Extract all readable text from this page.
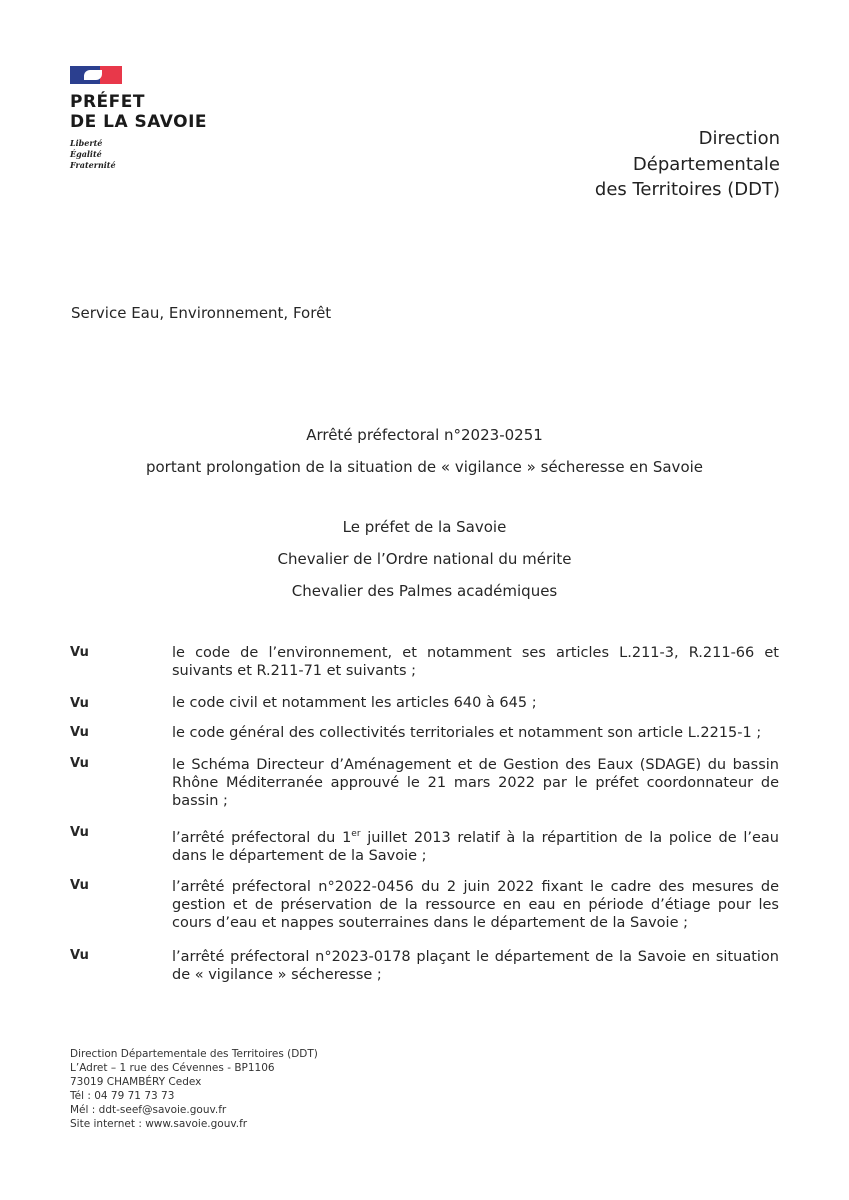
PRÉFET
DE LA SAVOIE
Liberté
Égalité
Fraternité
Direction
Départementale
des Territoires (DDT)
Service Eau, Environnement, Forêt
Arrêté préfectoral n°2023-0251
portant prolongation de la situation de « vigilance » sécheresse en Savoie
Le préfet de la Savoie
Chevalier de l’Ordre national du mérite
Chevalier des Palmes académiques
Vu	le code de l’environnement, et notamment ses articles L.211-3, R.211-66 et suivants et R.211-71 et suivants ;
Vu	le code civil et notamment les articles 640 à 645 ;
Vu	le code général des collectivités territoriales et notamment son article L.2215-1 ;
Vu	le Schéma Directeur d’Aménagement et de Gestion des Eaux (SDAGE) du bassin Rhône Méditerranée approuvé le 21 mars 2022 par le préfet coordonnateur de bassin ;
Vu	l’arrêté préfectoral du 1er juillet 2013 relatif à la répartition de la police de l’eau dans le département de la Savoie ;
Vu	l’arrêté préfectoral n°2022-0456 du 2 juin 2022 fixant le cadre des mesures de gestion et de préservation de la ressource en eau en période d’étiage pour les cours d’eau et nappes souterraines dans le département de la Savoie ;
Vu	l’arrêté préfectoral n°2023-0178 plaçant le département de la Savoie en situation de « vigilance » sécheresse ;
Direction Départementale des Territoires (DDT)
L’Adret – 1 rue des Cévennes - BP1106
73019 CHAMBÉRY Cedex
Tél : 04 79 71 73 73
Mél : ddt-seef@savoie.gouv.fr
Site internet : www.savoie.gouv.fr
